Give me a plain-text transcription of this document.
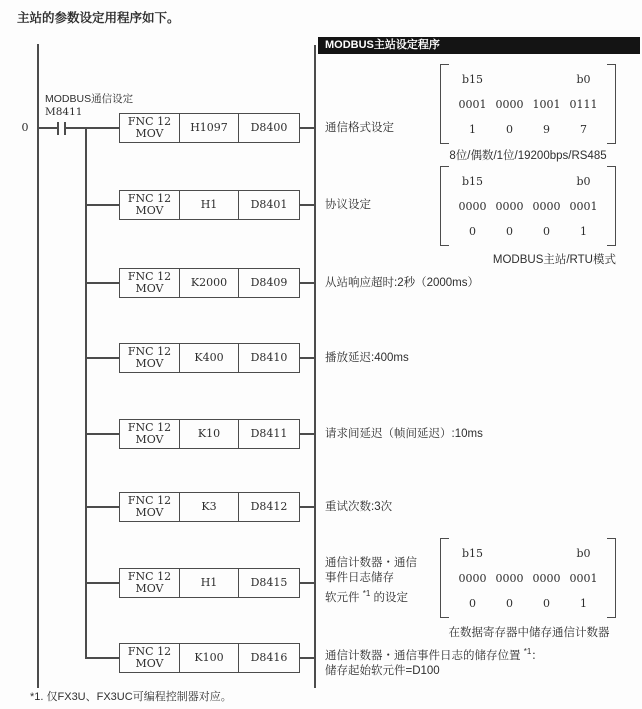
主站的参数设定用程序如下。
MODBUS主站设定程序
0
MODBUS通信设定
M8411
FNC 12
MOV	H1097	D8400	通信格式设定
FNC 12
MOV	H1	D8401	协议设定
FNC 12
MOV	K2000	D8409	从站响应超时:2秒（2000ms）
FNC 12
MOV	K400	D8410	播放延迟:400ms
FNC 12
MOV	K10	D8411	请求间延迟（帧间延迟）:10ms
FNC 12
MOV	K3	D8412	重试次数:3次
FNC 12
MOV	H1	D8415
通信计数器・通信
事件日志储存
软元件 $^{*1}$ 的设定
FNC 12
MOV	K100	D8416	通信计数器・通信事件日志的储存位置 $^{*1}$：
储存起始软元件=D100
b15	b0
0001 0000 1001 0111
1	0	9	7
8位/偶数/1位/19200bps/RS485
b15	b0
0000 0000 0000 0001
0	0	0	1
MODBUS主站/RTU模式
b15	b0
0000 0000 0000 0001
0	0	0	1
在数据寄存器中储存通信计数器
*1. 仅FX3U、FX3UC可编程控制器对应。
